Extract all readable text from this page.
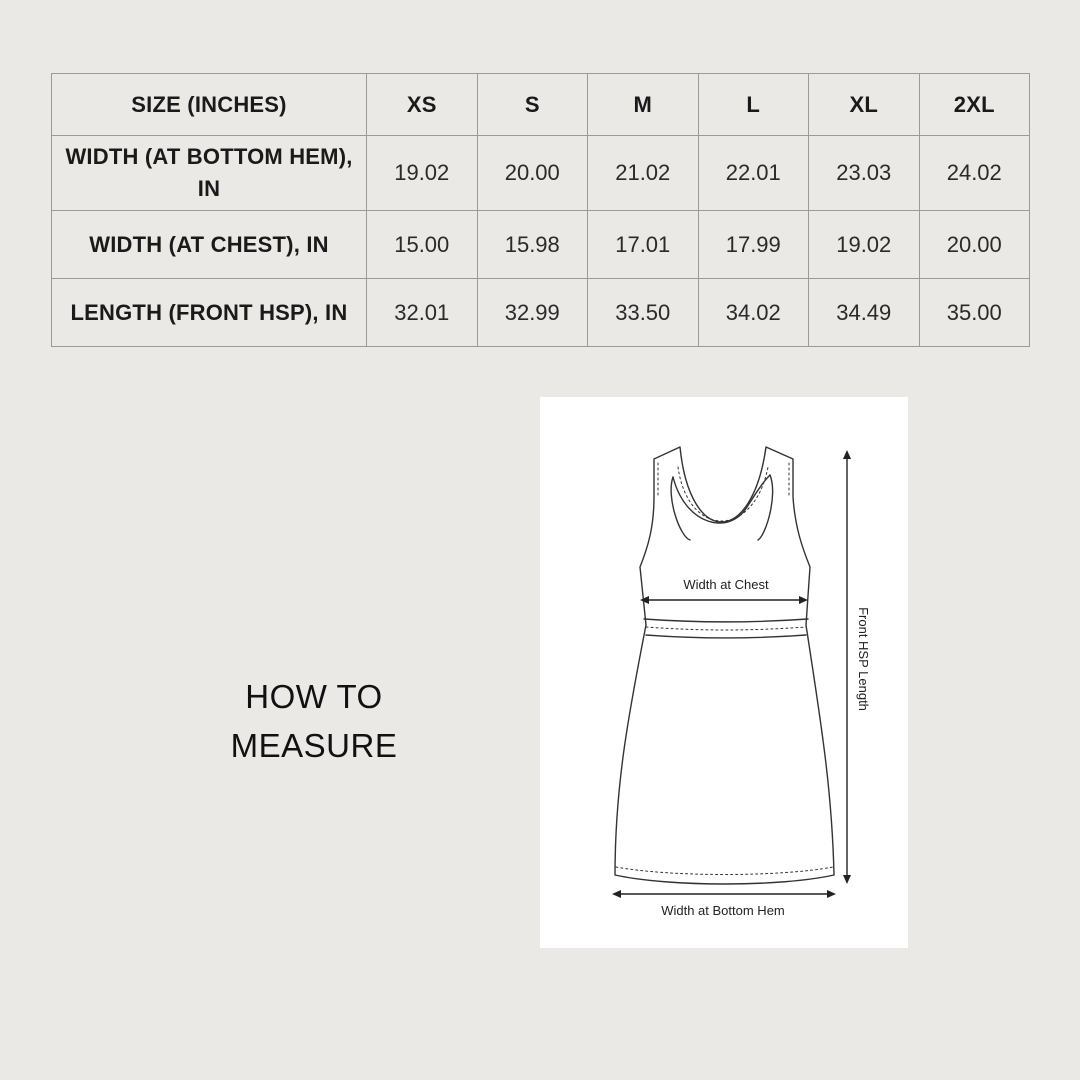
SIZE (INCHES)	XS	S	M	L	XL	2XL
WIDTH (AT BOTTOM HEM), IN	19.02	20.00	21.02	22.01	23.03	24.02
WIDTH (AT CHEST), IN	15.00	15.98	17.01	17.99	19.02	20.00
LENGTH (FRONT HSP), IN	32.01	32.99	33.50	34.02	34.49	35.00
HOW TO MEASURE
Width at Chest
Width at Bottom Hem
Front HSP Length
